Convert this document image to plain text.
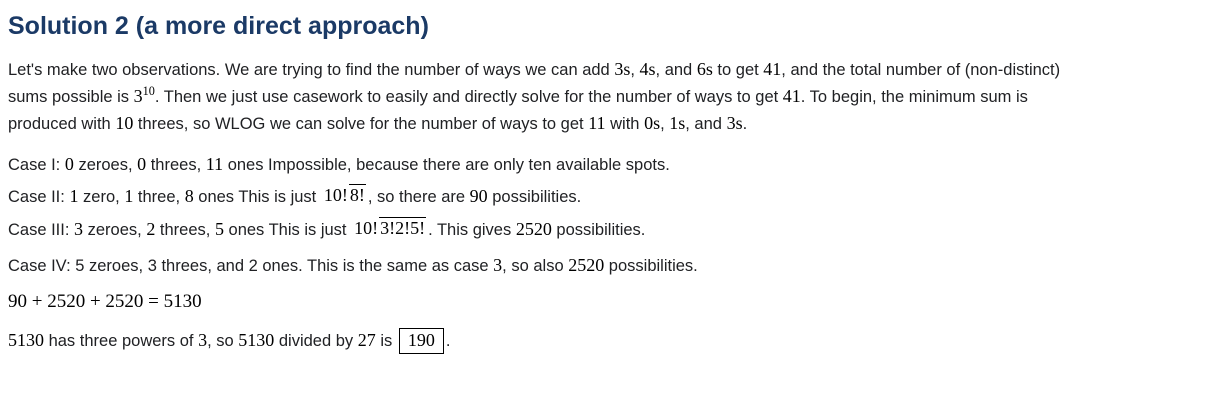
Solution 2 (a more direct approach)
Let's make two observations. We are trying to find the number of ways we can add 3s, 4s, and 6s to get 41, and the total number of (non-distinct)
sums possible is $3^{10}$. Then we just use casework to easily and directly solve for the number of ways to get 41. To begin, the minimum sum is
produced with 10 threes, so WLOG we can solve for the number of ways to get 11 with 0s, 1s, and 3s.
Case I: 0 zeroes, 0 threes, 11 ones Impossible, because there are only ten available spots.
Case II: 1 zero, 1 three, 8 ones This is just 10! 8! , so there are 90 possibilities.
Case III: 3 zeroes, 2 threes, 5 ones This is just 10! 3!2!5! . This gives 2520 possibilities.
Case IV: 5 zeroes, 3 threes, and 2 ones. This is the same as case 3, so also 2520 possibilities.
90 + 2520 + 2520 = 5130
5130 has three powers of 3, so 5130 divided by 27 is 190 .
